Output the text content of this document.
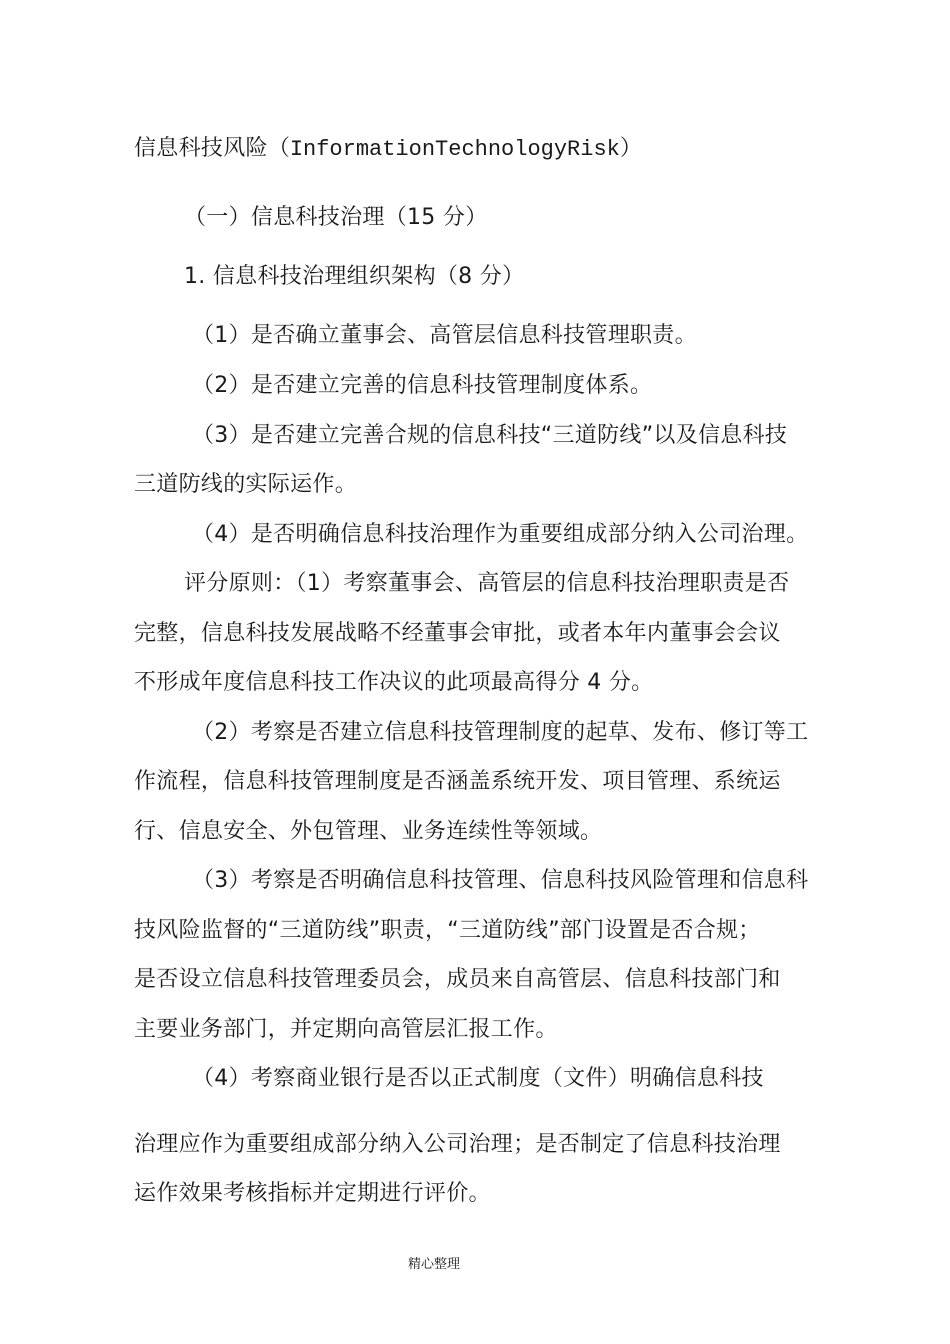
信息科技风险（InformationTechnologyRisk）
（一）信息科技治理（15 分）
1. 信息科技治理组织架构（8 分）
（1）是否确立董事会、高管层信息科技管理职责。
（2）是否建立完善的信息科技管理制度体系。
（3）是否建立完善合规的信息科技“三道防线”以及信息科技
三道防线的实际运作。
（4）是否明确信息科技治理作为重要组成部分纳入公司治理。
评分原则：（1）考察董事会、高管层的信息科技治理职责是否
完整，信息科技发展战略不经董事会审批，或者本年内董事会会议
不形成年度信息科技工作决议的此项最高得分 4 分。
（2）考察是否建立信息科技管理制度的起草、发布、修订等工
作流程，信息科技管理制度是否涵盖系统开发、项目管理、系统运
行、信息安全、外包管理、业务连续性等领域。
（3）考察是否明确信息科技管理、信息科技风险管理和信息科
技风险监督的“三道防线”职责，“三道防线”部门设置是否合规；
是否设立信息科技管理委员会，成员来自高管层、信息科技部门和
主要业务部门，并定期向高管层汇报工作。
（4）考察商业银行是否以正式制度（文件）明确信息科技
治理应作为重要组成部分纳入公司治理；是否制定了信息科技治理
运作效果考核指标并定期进行评价。
精心整理
